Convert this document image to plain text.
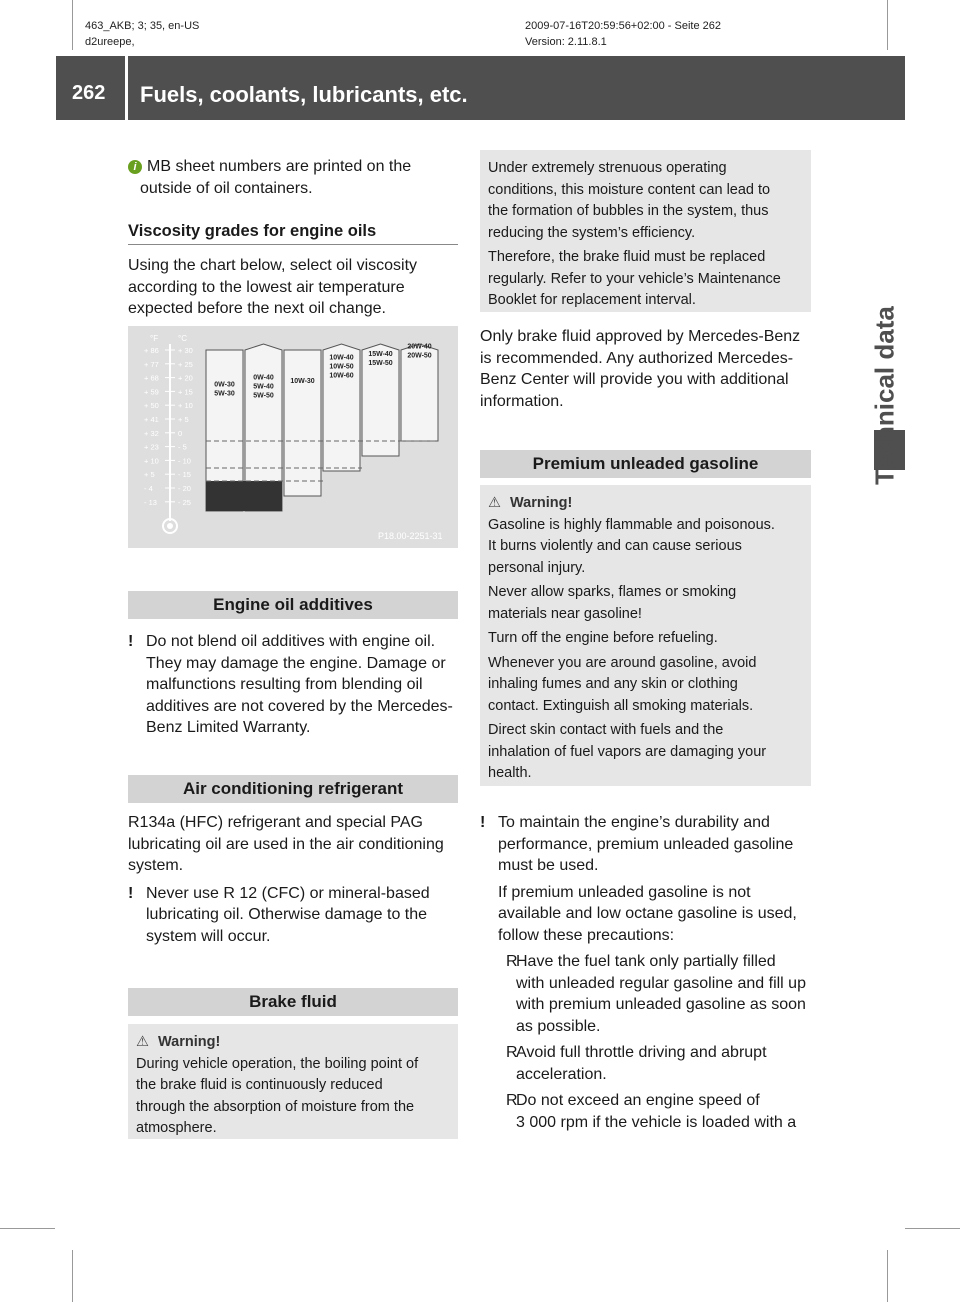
463_AKB; 3; 35, en-US
d2ureepe,
2009-07-16T20:59:56+02:00 - Seite 262
Version: 2.11.8.1
262 Fuels, coolants, lubricants, etc.
Technical data
i MB sheet numbers are printed on the
outside of oil containers.
Viscosity grades for engine oils
Using the chart below, select oil viscosity
according to the lowest air temperature
expected before the next oil change.
°F °C
+ 86
+ 77
+ 68
+ 59
+ 50
+ 41
+ 32
+ 23
+ 10
+ 5
- 4
- 13
+ 30
+ 25
+ 20
+ 15
+ 10
+ 5
0
- 5
- 10
- 15
- 20
- 25
0W-30
5W-30
0W-40
5W-40
5W-50
10W-30
10W-40
10W-50
10W-60
15W-40
15W-50
20W-40
20W-50
P18.00-2251-31
Engine oil additives
! Do not blend oil additives with engine oil.
They may damage the engine. Damage or
malfunctions resulting from blending oil
additives are not covered by the Mercedes-
Benz Limited Warranty.
Air conditioning refrigerant
R134a (HFC) refrigerant and special PAG
lubricating oil are used in the air conditioning
system.
! Never use R 12 (CFC) or mineral-based
lubricating oil. Otherwise damage to the
system will occur.
Brake fluid
⚠ Warning!
During vehicle operation, the boiling point of
the brake fluid is continuously reduced
through the absorption of moisture from the
atmosphere.
Under extremely strenuous operating
conditions, this moisture content can lead to
the formation of bubbles in the system, thus
reducing the system’s efficiency.
Therefore, the brake fluid must be replaced
regularly. Refer to your vehicle’s Maintenance
Booklet for replacement interval.
Only brake fluid approved by Mercedes-Benz
is recommended. Any authorized Mercedes-
Benz Center will provide you with additional
information.
Premium unleaded gasoline
⚠ Warning!
Gasoline is highly flammable and poisonous.
It burns violently and can cause serious
personal injury.
Never allow sparks, flames or smoking
materials near gasoline!
Turn off the engine before refueling.
Whenever you are around gasoline, avoid
inhaling fumes and any skin or clothing
contact. Extinguish all smoking materials.
Direct skin contact with fuels and the
inhalation of fuel vapors are damaging your
health.
! To maintain the engine’s durability and
performance, premium unleaded gasoline
must be used.
If premium unleaded gasoline is not
available and low octane gasoline is used,
follow these precautions:
RHave the fuel tank only partially filled
with unleaded regular gasoline and fill up
with premium unleaded gasoline as soon
as possible.
RAvoid full throttle driving and abrupt
acceleration.
RDo not exceed an engine speed of
3 000 rpm if the vehicle is loaded with a
